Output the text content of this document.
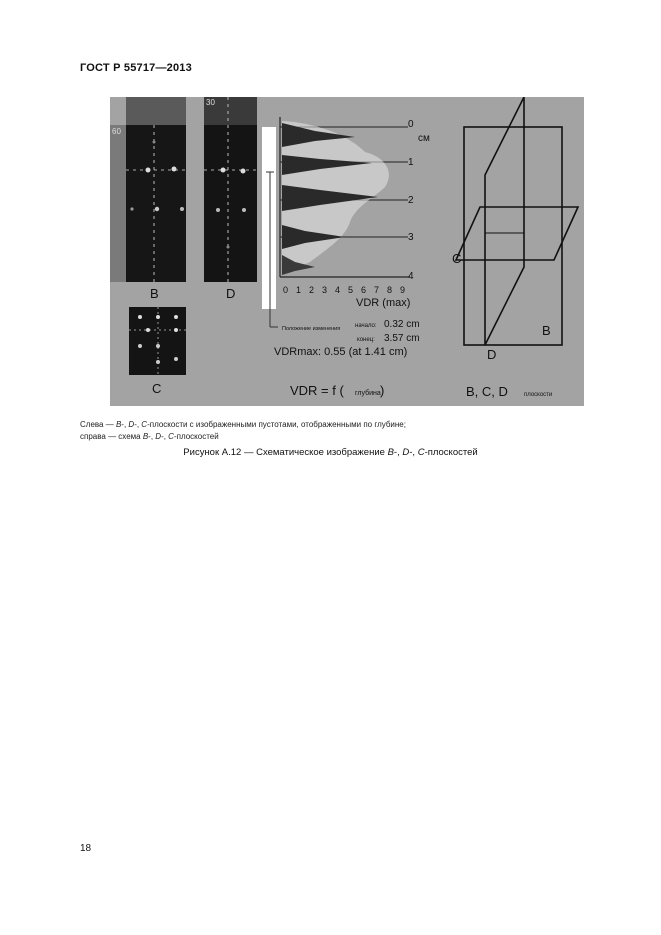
ГОСТ Р 55717—2013
60
B
30
D
C
0
см
1
2
3
4
0 1 2 3 4 5 6 7 8 9
VDR (max)
Положение изменения начало: 0.32 cm
конец: 3.57 cm
VDRmax: 0.55 (at 1.41 cm)
VDR = f ( глубина )
C
B
D
B, C, D	плоскости
Слева — B-, D-, C-плоскости с изображенными пустотами, отображенными по глубине;
справа — схема B-, D-, C-плоскостей
Рисунок А.12 — Схематическое изображение B-, D-, C-плоскостей
18
